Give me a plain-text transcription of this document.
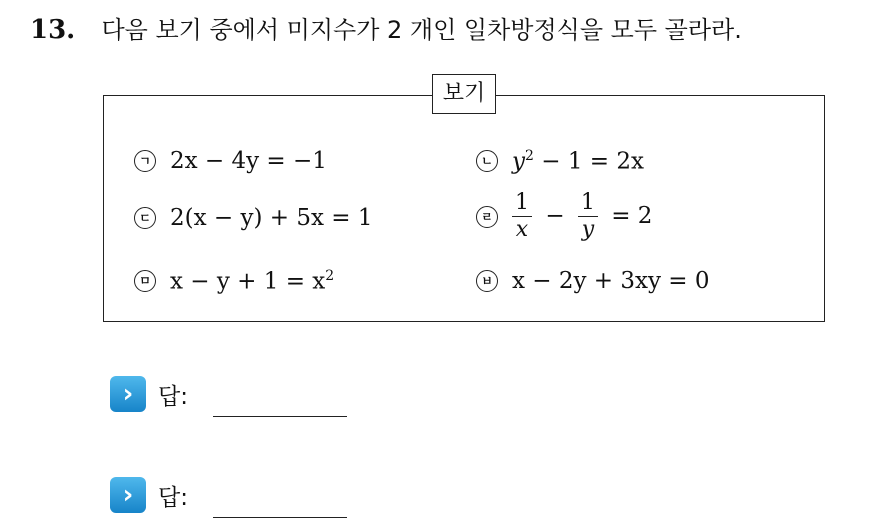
13. 다음 보기 중에서 미지수가 2 개인 일차방정식을 모두 골라라.
보기
ㄱ 2x − 4y = −1	ㄴ $y^2 - 1 = 2x$
ㄷ 2(x − y) + 5x = 1	ㄹ $\frac{1}{x} - \frac{1}{y} = 2$
ㅁ $x - y + 1 = x^2$	ㅂ x − 2y + 3xy = 0
›	답:
›	답:
